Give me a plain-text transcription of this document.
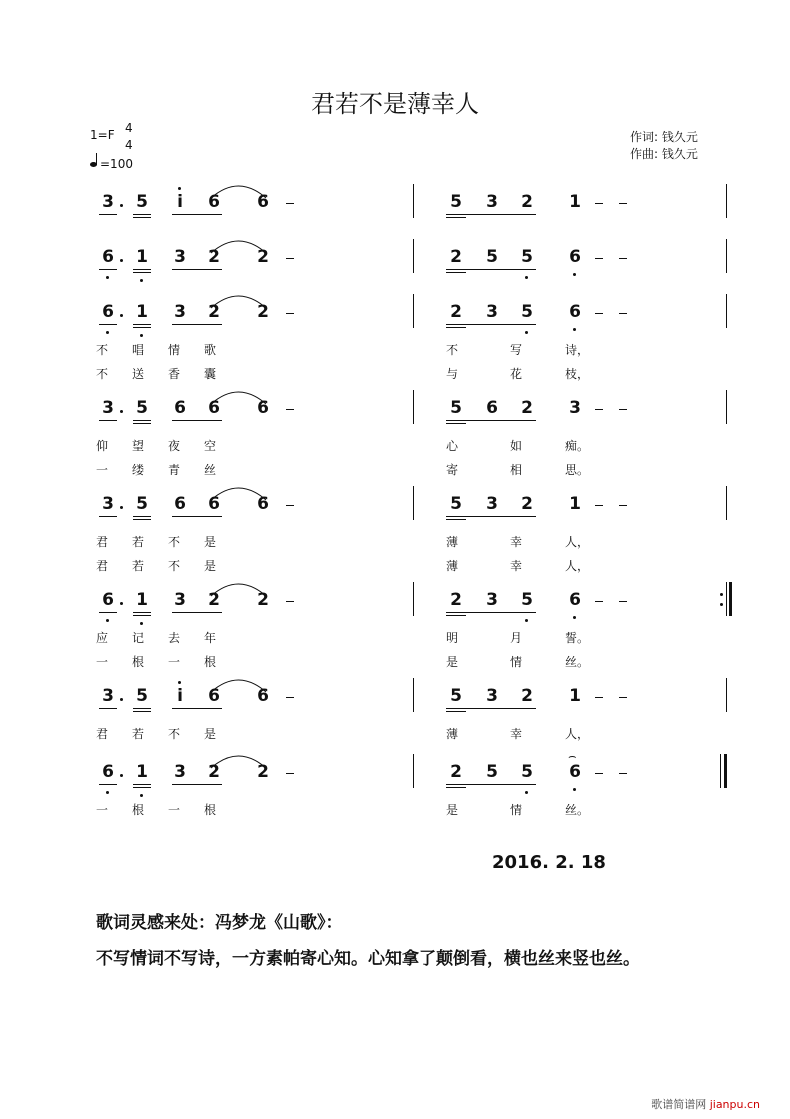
君若不是薄幸人
1=F 4
4
=100
作词: 钱久元
作曲: 钱久元
3 5 i 6 6	5 3 2 1
6 1 3 2 2	2 5 5 6
6 1 3 2 2	2 3 5 6
不 唱 情 歌	不	写	诗，
不 送 香 囊	与	花	枝，
3 5 6 6 6	5 6 2 3
仰 望 夜 空	心	如	痴。
一 缕 青 丝	寄	相	思。
3 5 6 6 6	5 3 2 1
君 若 不 是	薄	幸	人，
君 若 不 是	薄	幸	人，
6 1 3 2 2	2 3 5 6
应 记 去 年	明	月	誓。
一 根 一 根	是	情	丝。
3 5 i 6 6	5 3 2 1
君 若 不 是	薄	幸	人，
6 1 3 2 2	2 5 5 6
⌢
一 根 一 根	是	情	丝。
2016. 2. 18
歌词灵感来处：冯梦龙《山歌》：
不写情词不写诗，一方素帕寄心知。心知拿了颠倒看，横也丝来竖也丝。
歌谱简谱网 jianpu.cn
